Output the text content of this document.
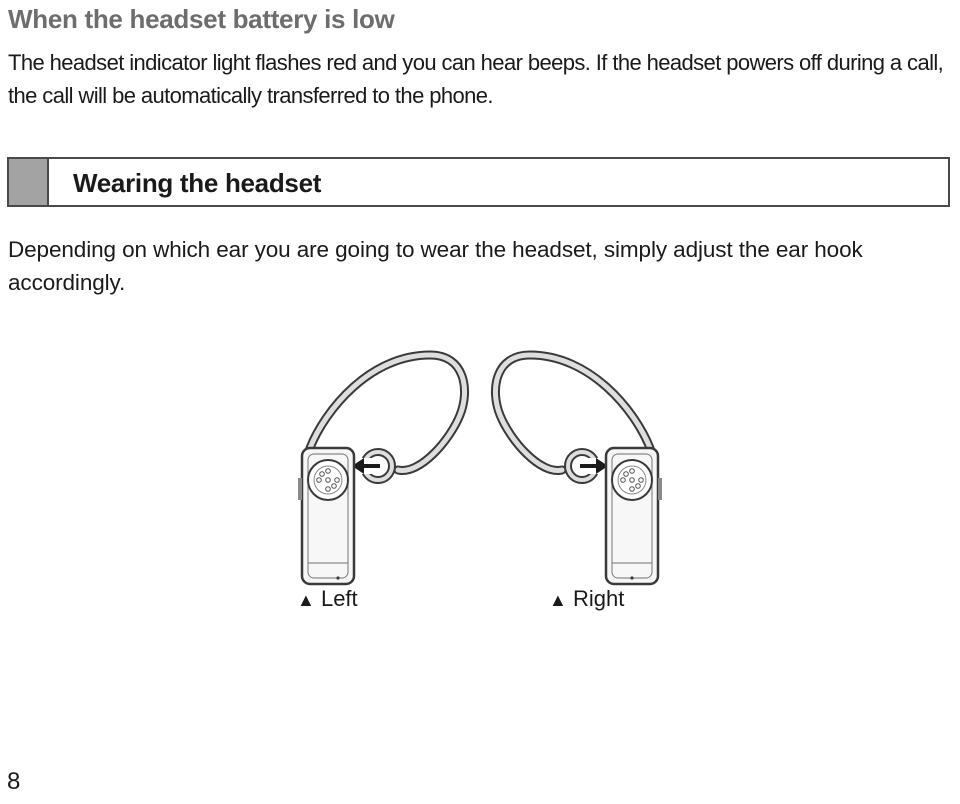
When the headset battery is low
The headset indicator light flashes red and you can hear beeps. If the headset powers off during a call, the call will be automatically transferred to the phone.
Wearing the headset
Depending on which ear you are going to wear the headset, simply adjust the ear hook accordingly.
▲ Left	▲ Right
8
